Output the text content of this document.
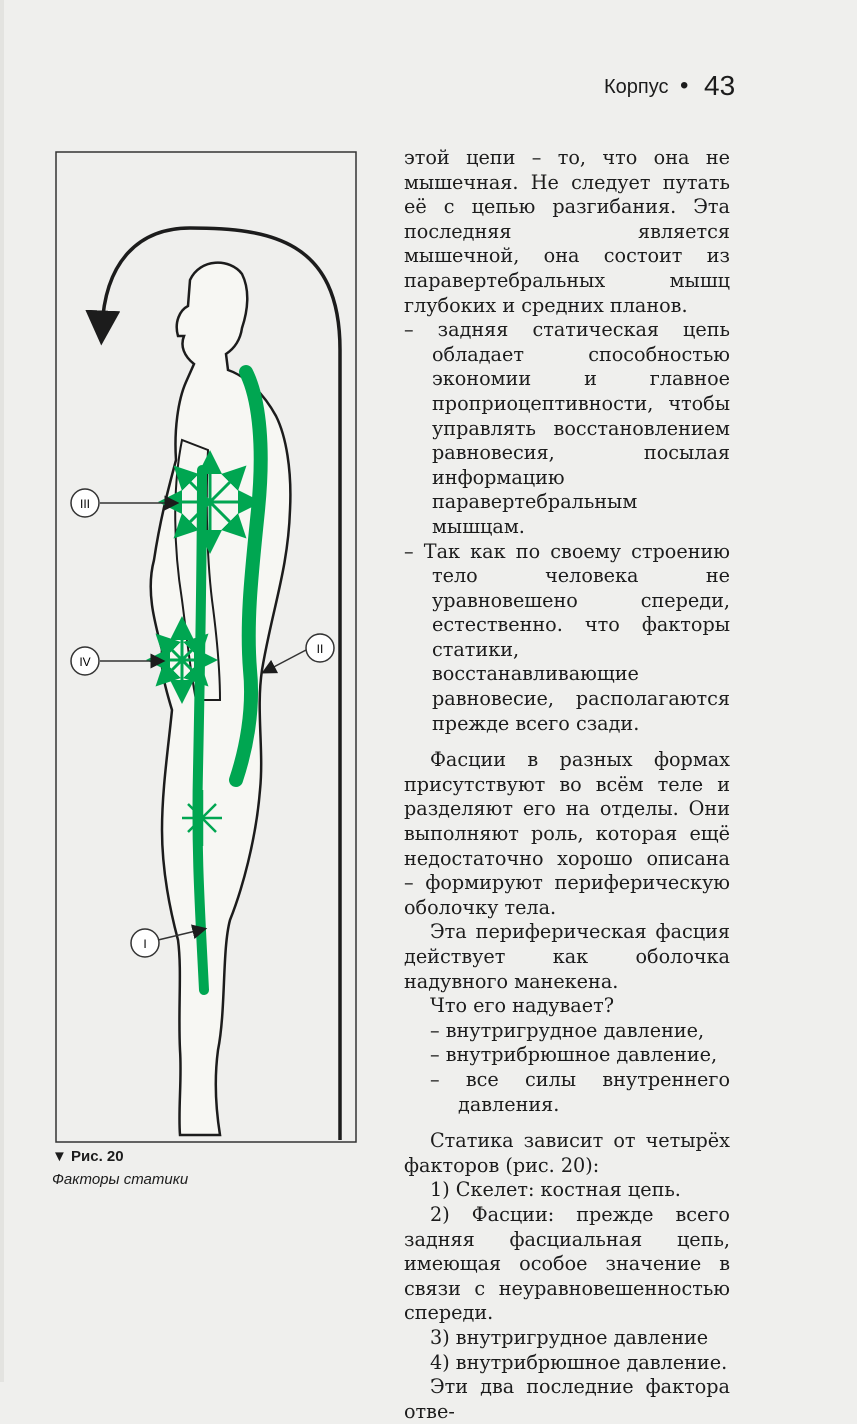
Корпус • 43
III
IV
II
I
▼ Рис. 20
Факторы статики

этой цепи – то, что она не мышечная. Не следует путать её с цепью разгибания. Эта последняя является мышечной, она состоит из паравертебральных мышц глубоких и средних планов.

– задняя статическая цепь обладает способностью экономии и главное проприоцептивности, чтобы управлять восстановлением равновесия, посылая информацию паравертебральным мышцам.

– Так как по своему строению тело человека не уравновешено спереди, естественно. что факторы статики, восстанавливающие равновесие, располагаются прежде всего сзади.

Фасции в разных формах присутствуют во всём теле и разделяют его на отделы. Они выполняют роль, которая ещё недостаточно хорошо описана – формируют периферическую оболочку тела.

Эта периферическая фасция действует как оболочка надувного манекена.

Что его надувает?

– внутригрудное давление,

– внутрибрюшное давление,

– все силы внутреннего давления.

Статика зависит от четырёх факторов (рис. 20):

1) Скелет: костная цепь.

2) Фасции: прежде всего задняя фасциальная цепь, имеющая особое значение в связи с неуравновешенностью спереди.

3) внутригрудное давление

4) внутрибрюшное давление.

Эти два последние фактора отве-
